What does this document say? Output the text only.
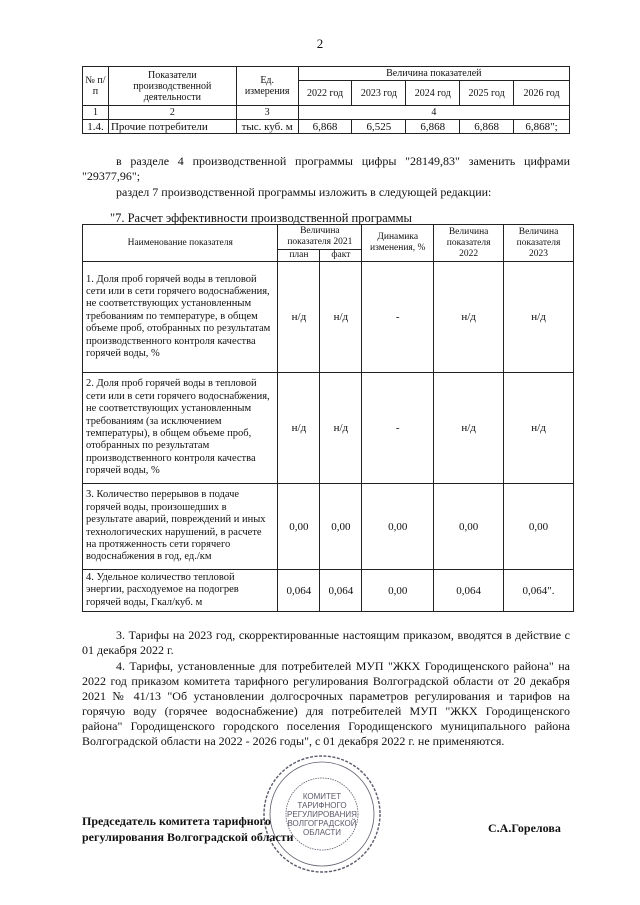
2
№ п/п	Показатели производственной деятельности	Ед. измерения	Величина показателей				
			2022 год	2023 год	2024 год	2025 год	2026 год
1	2	3	4				
1.4.	Прочие потребители	тыс. куб. м	6,868	6,525	6,868	6,868	6,868";
в разделе 4 производственной программы цифры "28149,83" заменить цифрами "29377,96";
раздел 7 производственной программы изложить в следующей редакции:
"7. Расчет эффективности производственной программы
Наименование показателя	Величина показателя 2021		Динамика изменения, %	Величина показателя 2022	Величина показателя 2023
	план	факт			
1. Доля проб горячей воды в тепловой сети или в сети горячего водоснабжения, не соответствующих установленным требованиям по температуре, в общем объеме проб, отобранных по результатам производственного контроля качества горячей воды, %	н/д	н/д	-	н/д	н/д
2. Доля проб горячей воды в тепловой сети или в сети горячего водоснабжения, не соответствующих установленным требованиям (за исключением температуры), в общем объеме проб, отобранных по результатам производственного контроля качества горячей воды, %	н/д	н/д	-	н/д	н/д
3. Количество перерывов в подаче горячей воды, произошедших в результате аварий, повреждений и иных технологических нарушений, в расчете на протяженность сети горячего водоснабжения в год, ед./км	0,00	0,00	0,00	0,00	0,00
4. Удельное количество тепловой энергии, расходуемое на подогрев горячей воды, Гкал/куб. м	0,064	0,064	0,00	0,064	0,064".
3. Тарифы на 2023 год, скорректированные настоящим приказом, вводятся в действие с 01 декабря 2022 г.
4. Тарифы, установленные для потребителей МУП "ЖКХ Городищенского района" на 2022 год приказом комитета тарифного регулирования Волгоградской области от 20 декабря 2021 № 41/13 "Об установлении долгосрочных параметров регулирования и тарифов на горячую воду (горячее водоснабжение) для потребителей МУП "ЖКХ Городищенского района" Городищенского городского поселения Городищенского муниципального района Волгоградской области на 2022 - 2026 годы", с 01 декабря 2022 г. не применяются.
КОМИТЕТ
ТАРИФНОГО
РЕГУЛИРОВАНИЯ
ВОЛГОГРАДСКОЙ
ОБЛАСТИ
Председатель комитета тарифного
регулирования Волгоградской области
С.А.Горелова
